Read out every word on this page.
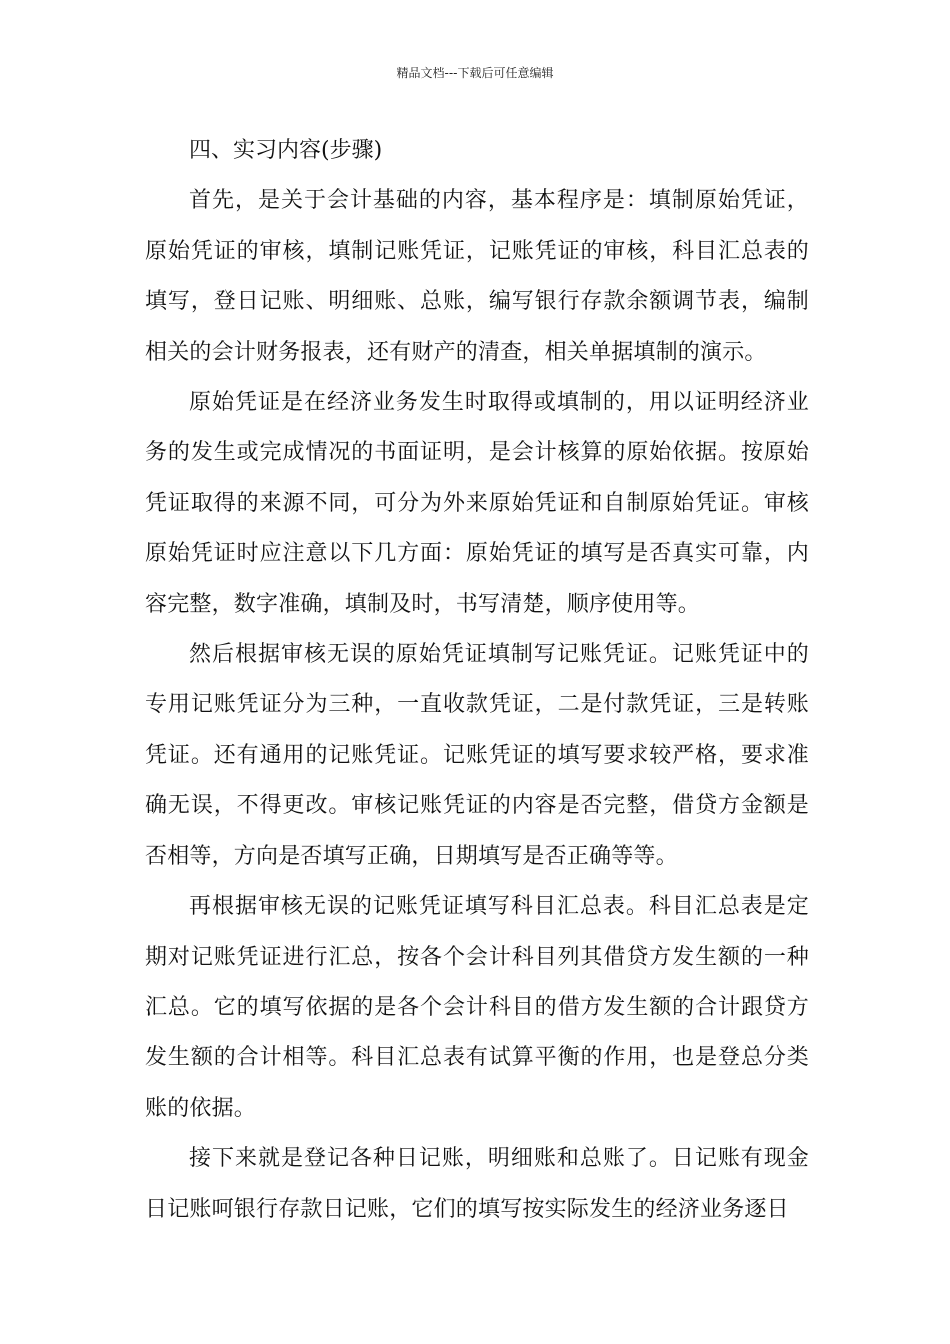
精品文档---下载后可任意编辑
四、实习内容(步骤)

首先，是关于会计基础的内容，基本程序是：填制原始凭证，原始凭证的审核，填制记账凭证，记账凭证的审核，科目汇总表的填写，登日记账、明细账、总账，编写银行存款余额调节表，编制相关的会计财务报表，还有财产的清查，相关单据填制的演示。

原始凭证是在经济业务发生时取得或填制的，用以证明经济业务的发生或完成情况的书面证明，是会计核算的原始依据。按原始凭证取得的来源不同，可分为外来原始凭证和自制原始凭证。审核原始凭证时应注意以下几方面：原始凭证的填写是否真实可靠，内容完整，数字准确，填制及时，书写清楚，顺序使用等。

然后根据审核无误的原始凭证填制写记账凭证。记账凭证中的专用记账凭证分为三种，一直收款凭证，二是付款凭证，三是转账凭证。还有通用的记账凭证。记账凭证的填写要求较严格，要求准确无误，不得更改。审核记账凭证的内容是否完整，借贷方金额是否相等，方向是否填写正确，日期填写是否正确等等。

再根据审核无误的记账凭证填写科目汇总表。科目汇总表是定期对记账凭证进行汇总，按各个会计科目列其借贷方发生额的一种汇总。它的填写依据的是各个会计科目的借方发生额的合计跟贷方发生额的合计相等。科目汇总表有试算平衡的作用，也是登总分类账的依据。

接下来就是登记各种日记账，明细账和总账了。日记账有现金日记账呵银行存款日记账，它们的填写按实际发生的经济业务逐日
